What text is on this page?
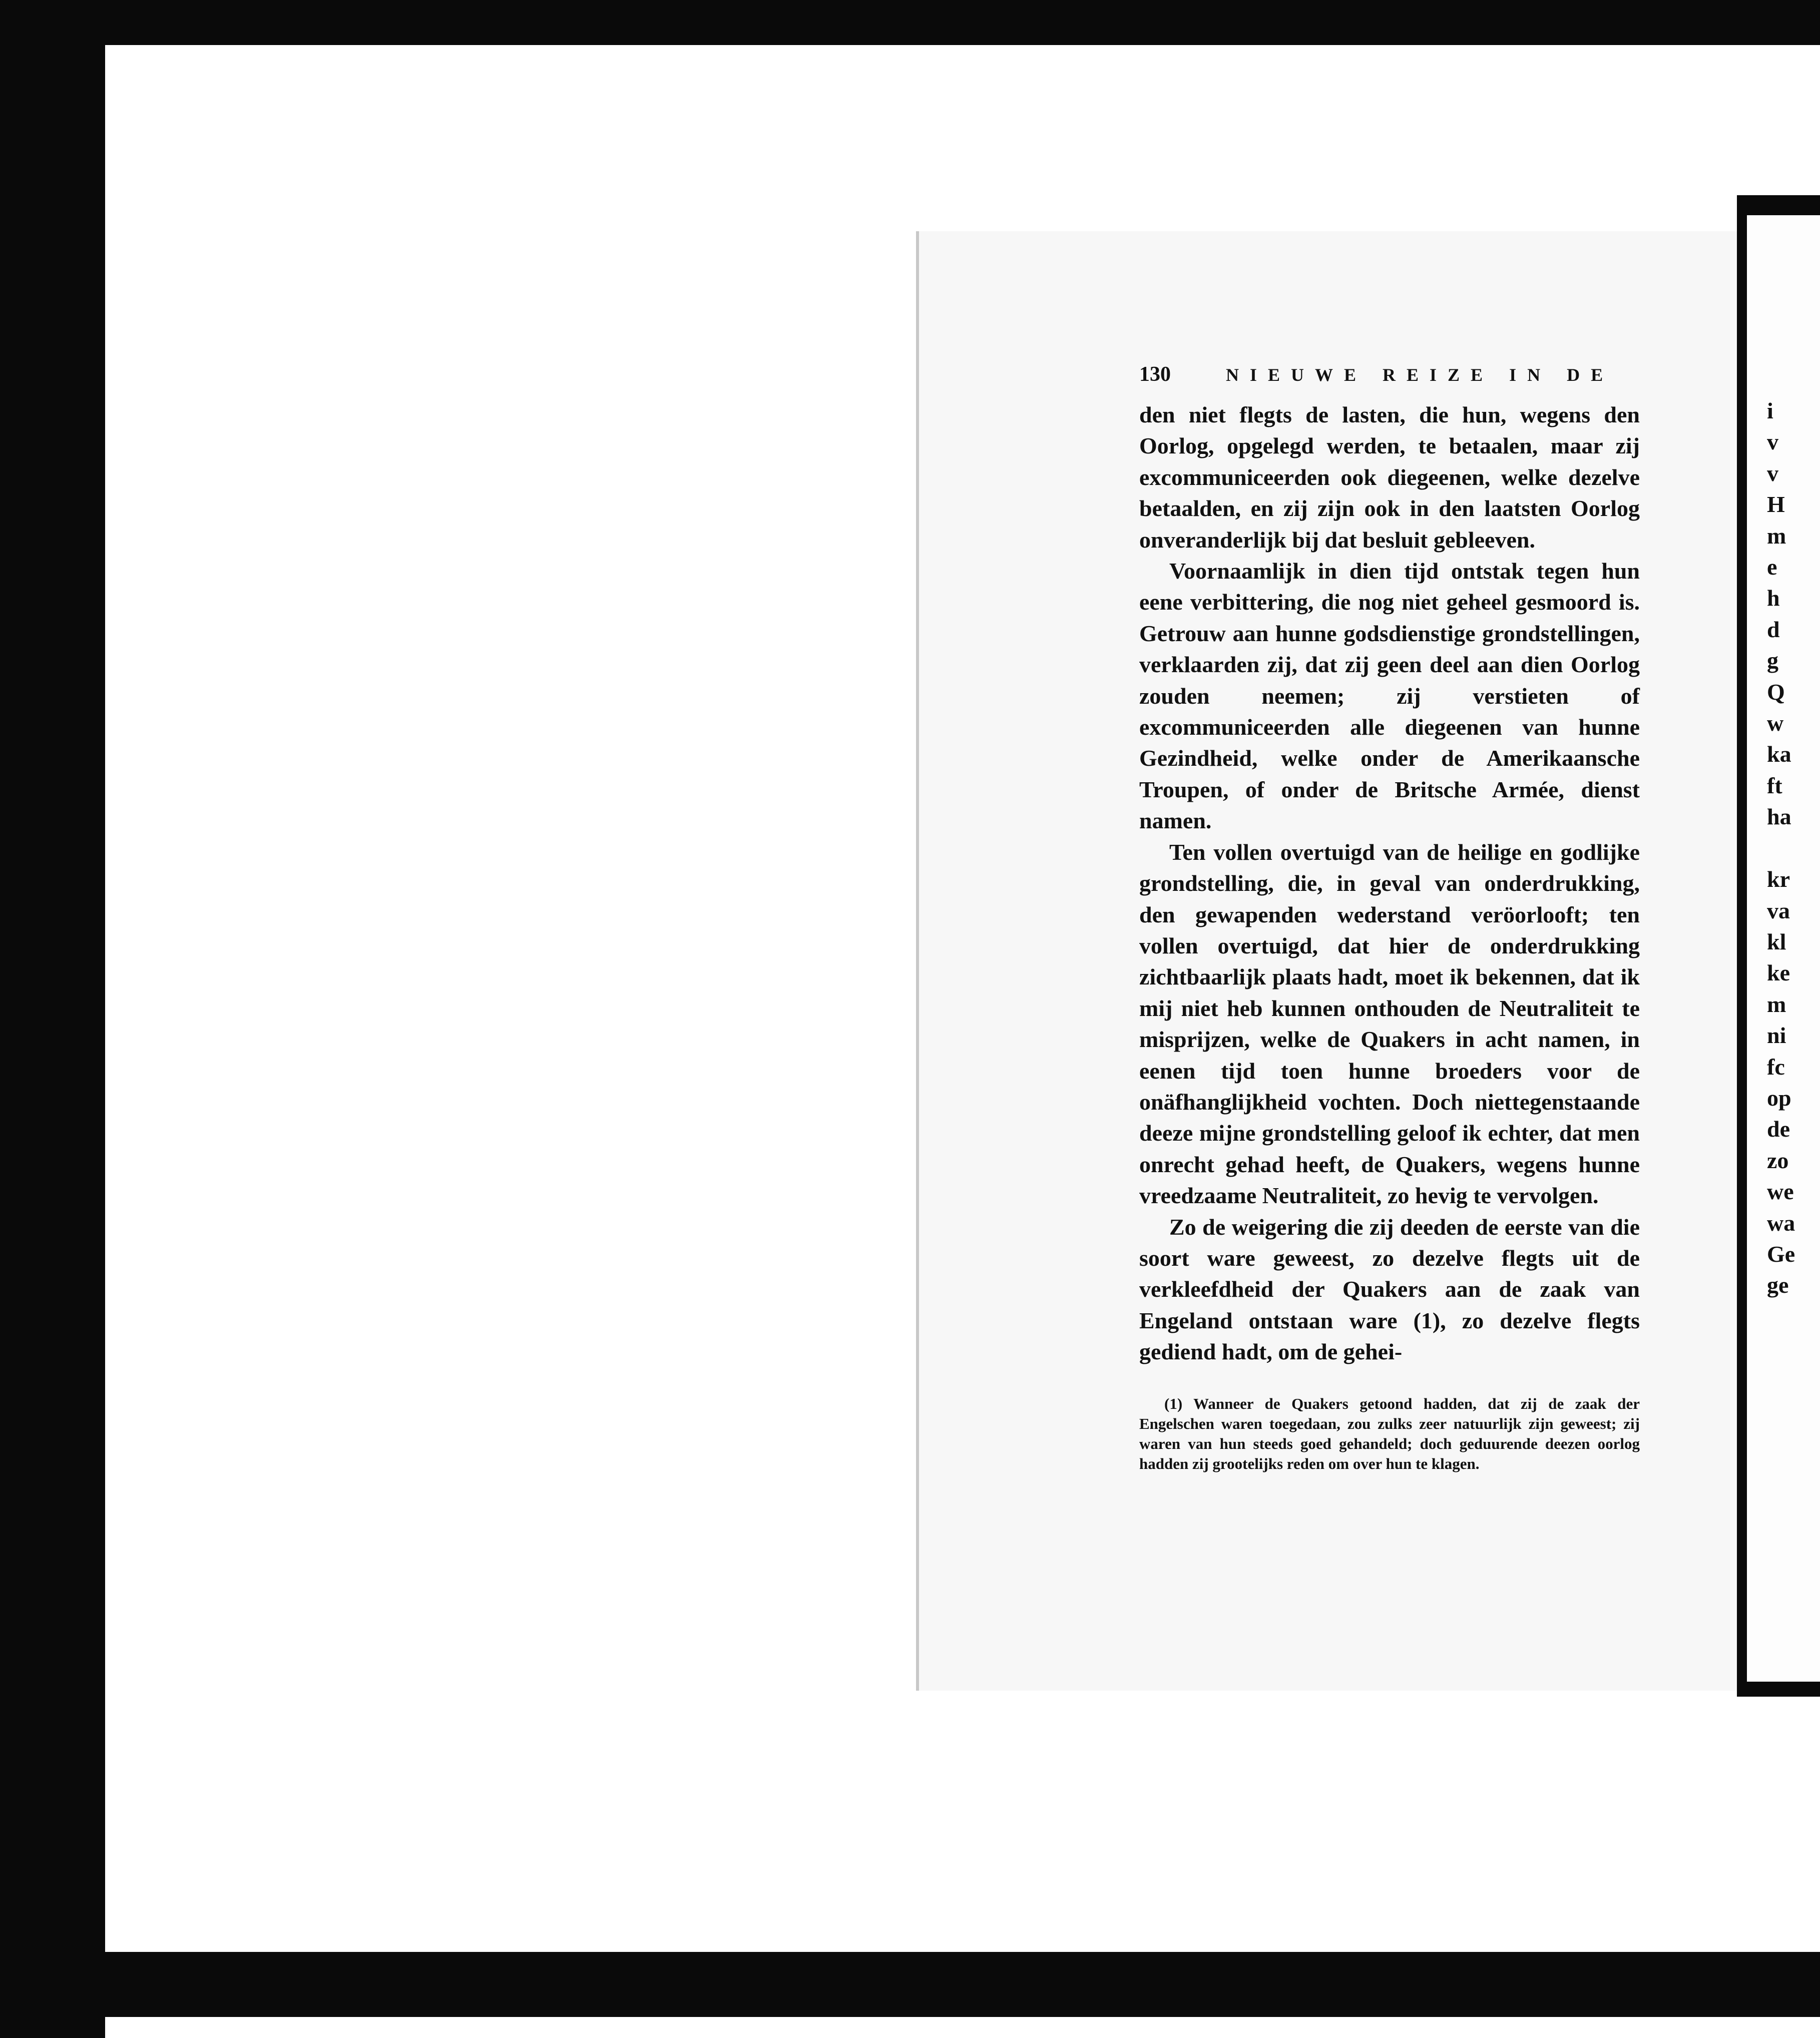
130	NIEUWE REIZE IN DE

den niet flegts de lasten, die hun, wegens den Oorlog, opgelegd werden, te betaalen, maar zij excommuniceerden ook diegeenen, welke dezelve betaalden, en zij zijn ook in den laatsten Oorlog onveranderlijk bij dat besluit gebleeven.

Voornaamlijk in dien tijd ontstak tegen hun eene verbittering, die nog niet geheel gesmoord is. Getrouw aan hunne godsdienstige grondstellingen, verklaarden zij, dat zij geen deel aan dien Oorlog zouden neemen; zij verstieten of excommuniceerden alle diegeenen van hunne Gezindheid, welke onder de Amerikaansche Troupen, of onder de Britsche Armée, dienst namen.

Ten vollen overtuigd van de heilige en godlijke grondstelling, die, in geval van onderdrukking, den gewapenden wederstand veröorlooft; ten vollen overtuigd, dat hier de onderdrukking zichtbaarlijk plaats hadt, moet ik bekennen, dat ik mij niet heb kunnen onthouden de Neutraliteit te misprijzen, welke de Quakers in acht namen, in eenen tijd toen hunne broeders voor de onäfhanglijkheid vochten. Doch niettegenstaande deeze mijne grondstelling geloof ik echter, dat men onrecht gehad heeft, de Quakers, wegens hunne vreedzaame Neutraliteit, zo hevig te vervolgen.

Zo de weigering die zij deeden de eerste van die soort ware geweest, zo dezelve flegts uit de verkleefdheid der Quakers aan de zaak van Engeland ontstaan ware (1), zo dezelve flegts gediend hadt, om de gehei-

(1) Wanneer de Quakers getoond hadden, dat zij de zaak der Engelschen waren toegedaan, zou zulks zeer natuurlijk zijn geweest; zij waren van hun steeds goed gehandeld; doch geduurende deezen oorlog hadden zij grootelijks reden om over hun te klagen.
i
v
v
H
m
e
h
d
g
Q
w
ka
ft
ha

kr
va
kl
ke
m
ni
fc
op
de
zo
we
wa
Ge
ge
